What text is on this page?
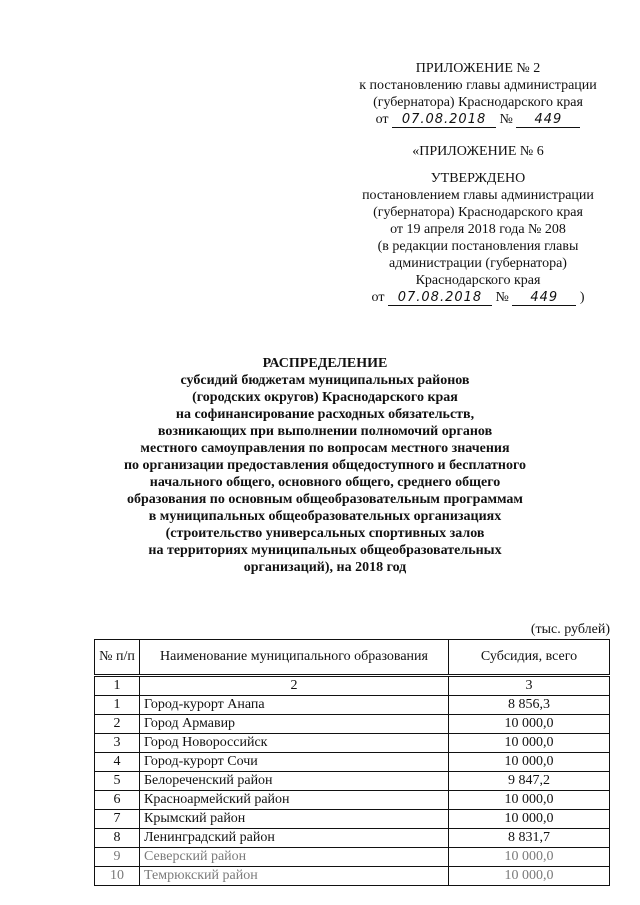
ПРИЛОЖЕНИЕ № 2
к постановлению главы администрации
(губернатора) Краснодарского края
от 07.08.2018 № 449
«ПРИЛОЖЕНИЕ № 6
УТВЕРЖДЕНО
постановлением главы администрации
(губернатора) Краснодарского края
от 19 апреля 2018 года № 208
(в редакции постановления главы
администрации (губернатора)
Краснодарского края
от 07.08.2018 № 449 )
РАСПРЕДЕЛЕНИЕ
субсидий бюджетам муниципальных районов
(городских округов) Краснодарского края
на софинансирование расходных обязательств,
возникающих при выполнении полномочий органов
местного самоуправления по вопросам местного значения
по организации предоставления общедоступного и бесплатного
начального общего, основного общего, среднего общего
образования по основным общеобразовательным программам
в муниципальных общеобразовательных организациях
(строительство универсальных спортивных залов
на территориях муниципальных общеобразовательных
организаций), на 2018 год
(тыс. рублей)
№ п/п	Наименование муниципального образования	Субсидия, всего
1	2	3
1	Город-курорт Анапа	8 856,3
2	Город Армавир	10 000,0
3	Город Новороссийск	10 000,0
4	Город-курорт Сочи	10 000,0
5	Белореченский район	9 847,2
6	Красноармейский район	10 000,0
7	Крымский район	10 000,0
8	Ленинградский район	8 831,7
9	Северский район	10 000,0
10	Темрюкский район	10 000,0
